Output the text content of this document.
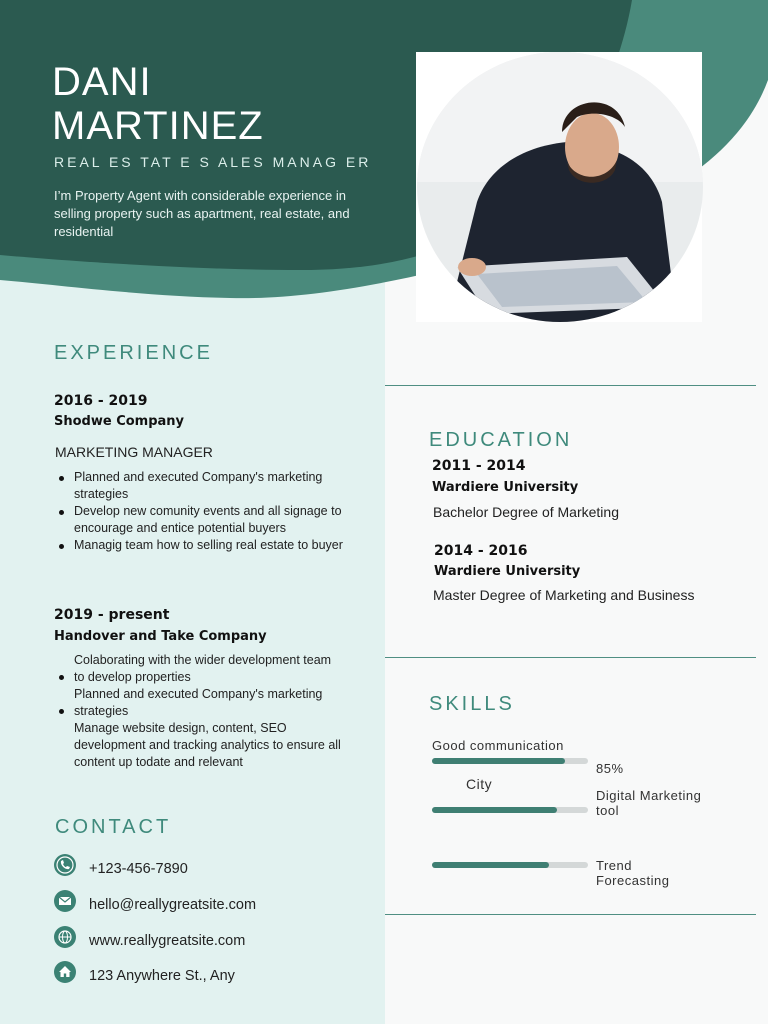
DANI
MARTINEZ
REAL ES TAT E S ALES MANAG ER
I’m Property Agent with considerable experience in selling property such as apartment, real estate, and residential
EXPERIENCE
2016 - 2019
Shodwe Company
MARKETING MANAGER
Planned and executed Company's marketing strategies
Develop new comunity events and all signage to encourage and entice potential buyers
Managig team how to selling real estate to buyer
2019 - present
Handover and Take Company
Colaborating with the wider development team to develop properties
Planned and executed Company's marketing strategies
Manage website design, content, SEO development and tracking analytics to ensure all content up todate and relevant
CONTACT
+123-456-7890
hello@reallygreatsite.com
www.reallygreatsite.com
123 Anywhere St., Any
EDUCATION
2011 - 2014
Wardiere University
Bachelor Degree of Marketing
2014 - 2016
Wardiere University
Master Degree of Marketing and Business
SKILLS
Good communication
85%
City
Digital Marketing tool
Trend Forecasting
